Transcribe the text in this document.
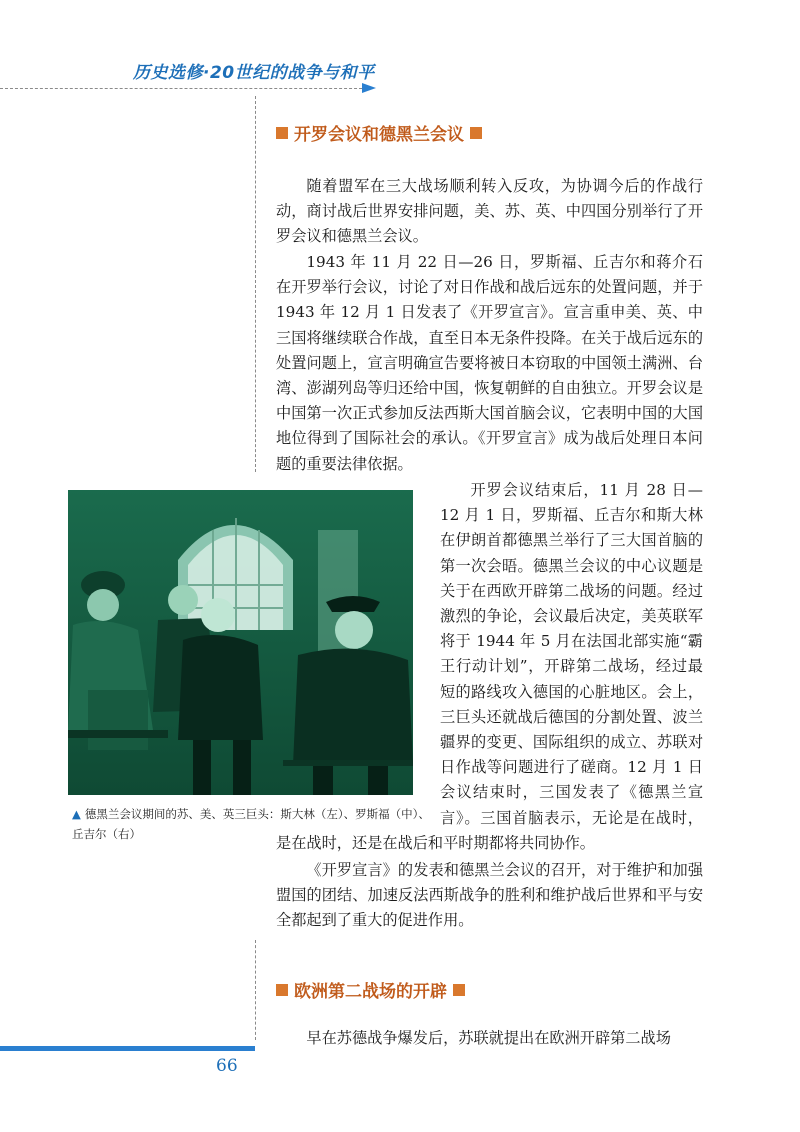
历史选修·20世纪的战争与和平
开罗会议和德黑兰会议

随着盟军在三大战场顺利转入反攻，为协调今后的作战行动，商讨战后世界安排问题，美、苏、英、中四国分别举行了开罗会议和德黑兰会议。

1943 年 11 月 22 日—26 日，罗斯福、丘吉尔和蒋介石在开罗举行会议，讨论了对日作战和战后远东的处置问题，并于 1943 年 12 月 1 日发表了《开罗宣言》。宣言重申美、英、中三国将继续联合作战，直至日本无条件投降。在关于战后远东的处置问题上，宣言明确宣告要将被日本窃取的中国领土满洲、台湾、澎湖列岛等归还给中国，恢复朝鲜的自由独立。开罗会议是中国第一次正式参加反法西斯大国首脑会议，它表明中国的大国地位得到了国际社会的承认。《开罗宣言》成为战后处理日本问题的重要法律依据。

开罗会议结束后，11 月 28 日—12 月 1 日，罗斯福、丘吉尔和斯大林在伊朗首都德黑兰举行了三大国首脑的第一次会晤。德黑兰会议的中心议题是关于在西欧开辟第二战场的问题。经过激烈的争论，会议最后决定，美英联军将于 1944 年 5 月在法国北部实施“霸王行动计划”，开辟第二战场，经过最短的路线攻入德国的心脏地区。会上，三巨头还就战后德国的分割处置、波兰疆界的变更、国际组织的成立、苏联对日作战等问题进行了磋商。12 月 1 日会议结束时，三国发表了《德黑兰宣言》。三国首脑表示，无论是在战时，

是在战时，还是在战后和平时期都将共同协作。

▲ 德黑兰会议期间的苏、美、英三巨头：斯大林（左）、罗斯福（中）、丘吉尔（右）

《开罗宣言》的发表和德黑兰会议的召开，对于维护和加强盟国的团结、加速反法西斯战争的胜利和维护战后世界和平与安全都起到了重大的促进作用。

欧洲第二战场的开辟

早在苏德战争爆发后，苏联就提出在欧洲开辟第二战场

66
